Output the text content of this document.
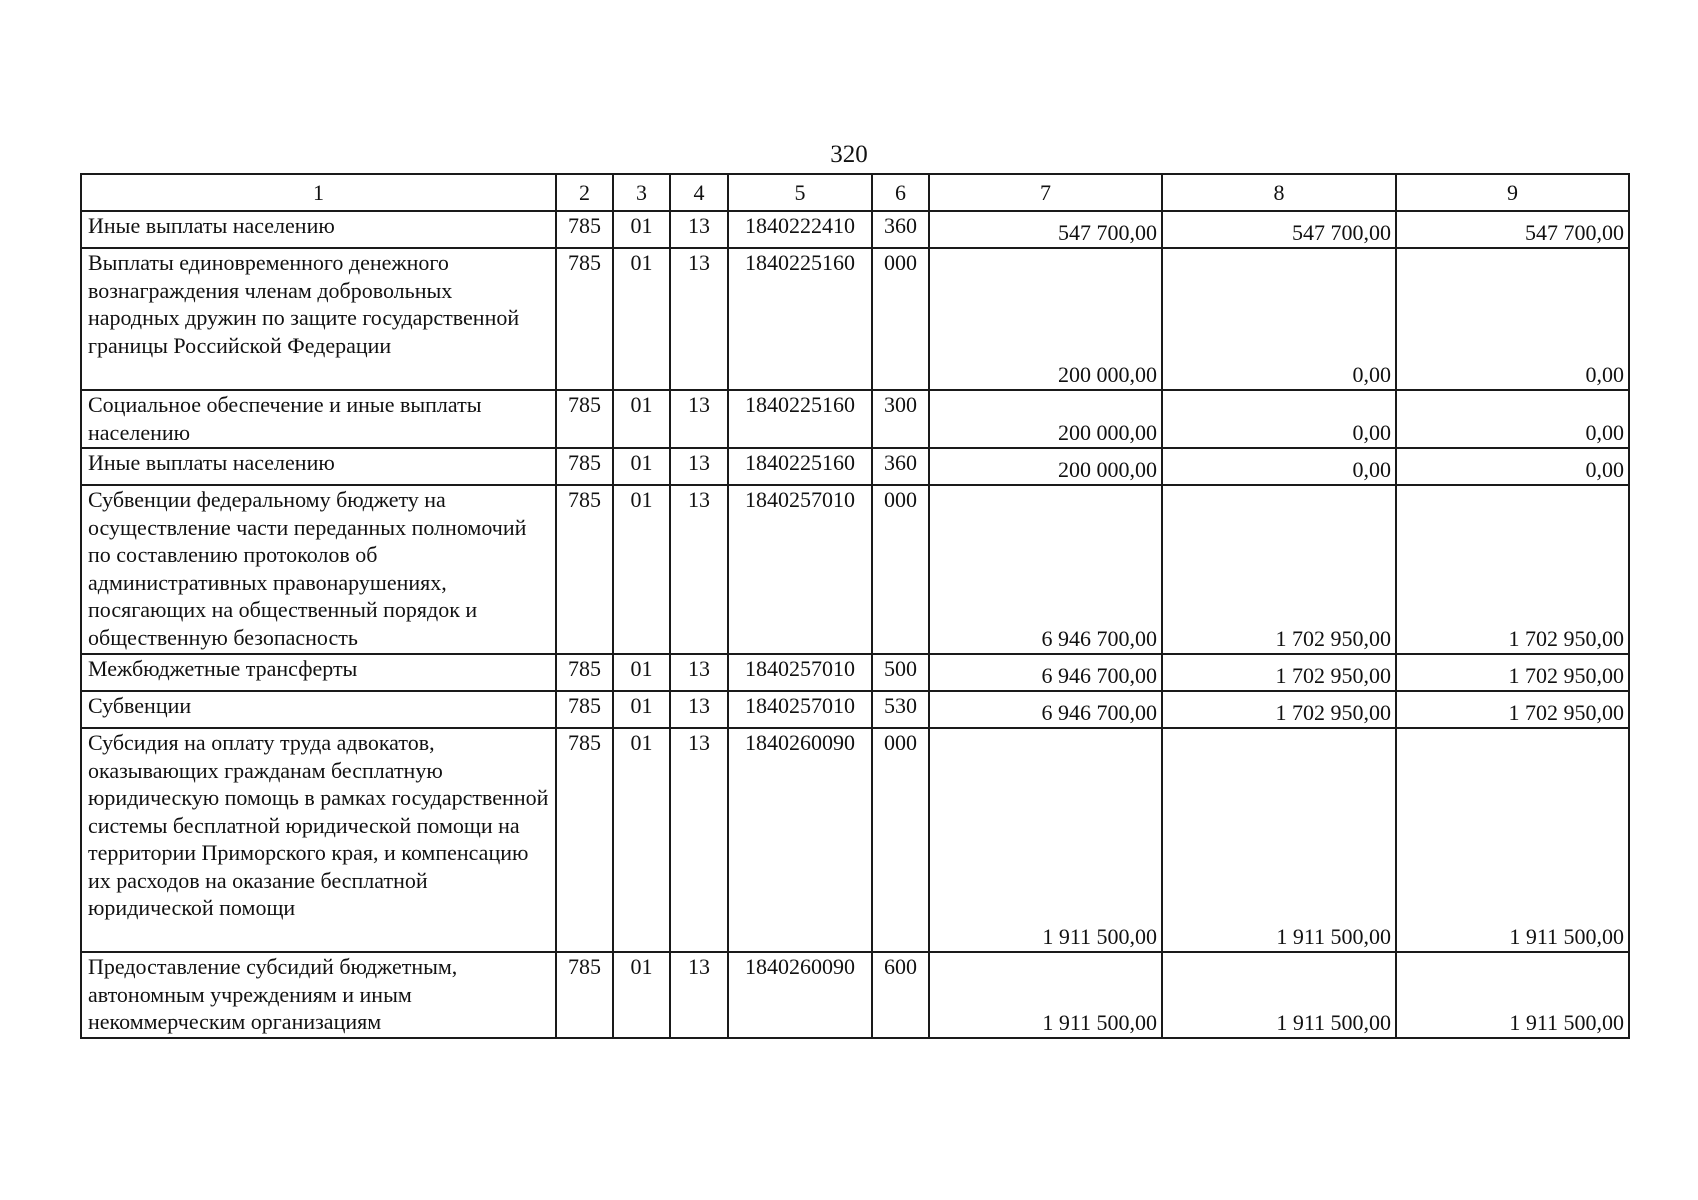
320
1	2	3	4	5	6	7	8	9
Иные выплаты населению	785	01	13	1840222410	360	547 700,00	547 700,00	547 700,00
Выплаты единовременного денежного вознаграждения членам добровольных народных дружин по защите государственной границы Российской Федерации	785	01	13	1840225160	000	200 000,00	0,00	0,00
Социальное обеспечение и иные выплаты населению	785	01	13	1840225160	300	200 000,00	0,00	0,00
Иные выплаты населению	785	01	13	1840225160	360	200 000,00	0,00	0,00
Субвенции федеральному бюджету на осуществление части переданных полномочий по составлению протоколов об административных правонарушениях, посягающих на общественный порядок и общественную безопасность	785	01	13	1840257010	000	6 946 700,00	1 702 950,00	1 702 950,00
Межбюджетные трансферты	785	01	13	1840257010	500	6 946 700,00	1 702 950,00	1 702 950,00
Субвенции	785	01	13	1840257010	530	6 946 700,00	1 702 950,00	1 702 950,00
Субсидия на оплату труда адвокатов, оказывающих гражданам бесплатную юридическую помощь в рамках государственной системы бесплатной юридической помощи на территории Приморского края, и компенсацию их расходов на оказание бесплатной юридической помощи	785	01	13	1840260090	000	1 911 500,00	1 911 500,00	1 911 500,00
Предоставление субсидий бюджетным, автономным учреждениям и иным некоммерческим организациям	785	01	13	1840260090	600	1 911 500,00	1 911 500,00	1 911 500,00
